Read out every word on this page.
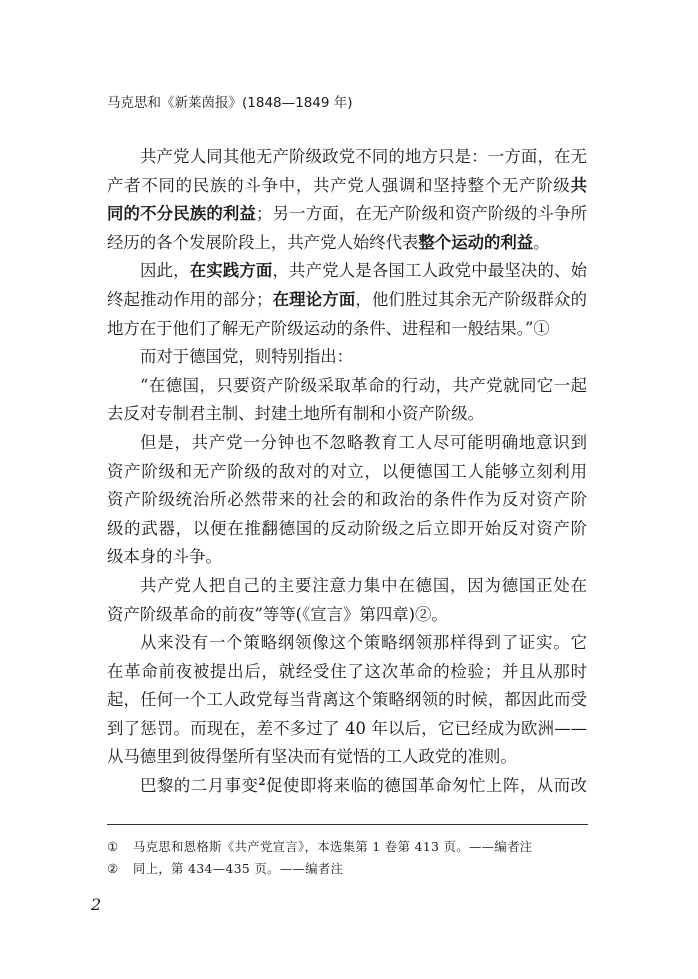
马克思和《新莱茵报》(1848—1849 年)
共产党人同其他无产阶级政党不同的地方只是：一方面，在无
产者不同的民族的斗争中，共产党人强调和坚持整个无产阶级共
同的不分民族的利益；另一方面，在无产阶级和资产阶级的斗争所
经历的各个发展阶段上，共产党人始终代表整个运动的利益。
因此，在实践方面，共产党人是各国工人政党中最坚决的、始
终起推动作用的部分；在理论方面，他们胜过其余无产阶级群众的
地方在于他们了解无产阶级运动的条件、进程和一般结果。”①
而对于德国党，则特别指出：
“在德国，只要资产阶级采取革命的行动，共产党就同它一起
去反对专制君主制、封建土地所有制和小资产阶级。
但是，共产党一分钟也不忽略教育工人尽可能明确地意识到
资产阶级和无产阶级的敌对的对立，以便德国工人能够立刻利用
资产阶级统治所必然带来的社会的和政治的条件作为反对资产阶
级的武器，以便在推翻德国的反动阶级之后立即开始反对资产阶
级本身的斗争。
共产党人把自己的主要注意力集中在德国，因为德国正处在
资产阶级革命的前夜”等等(《宣言》第四章)②。
从来没有一个策略纲领像这个策略纲领那样得到了证实。它
在革命前夜被提出后，就经受住了这次革命的检验；并且从那时
起，任何一个工人政党每当背离这个策略纲领的时候，都因此而受
到了惩罚。而现在，差不多过了 40 年以后，它已经成为欧洲——
从马德里到彼得堡所有坚决而有觉悟的工人政党的准则。
巴黎的二月事变$^2$促使即将来临的德国革命匆忙上阵，从而改
① 马克思和恩格斯《共产党宣言》，本选集第 1 卷第 413 页。——编者注
② 同上，第 434—435 页。——编者注
2
